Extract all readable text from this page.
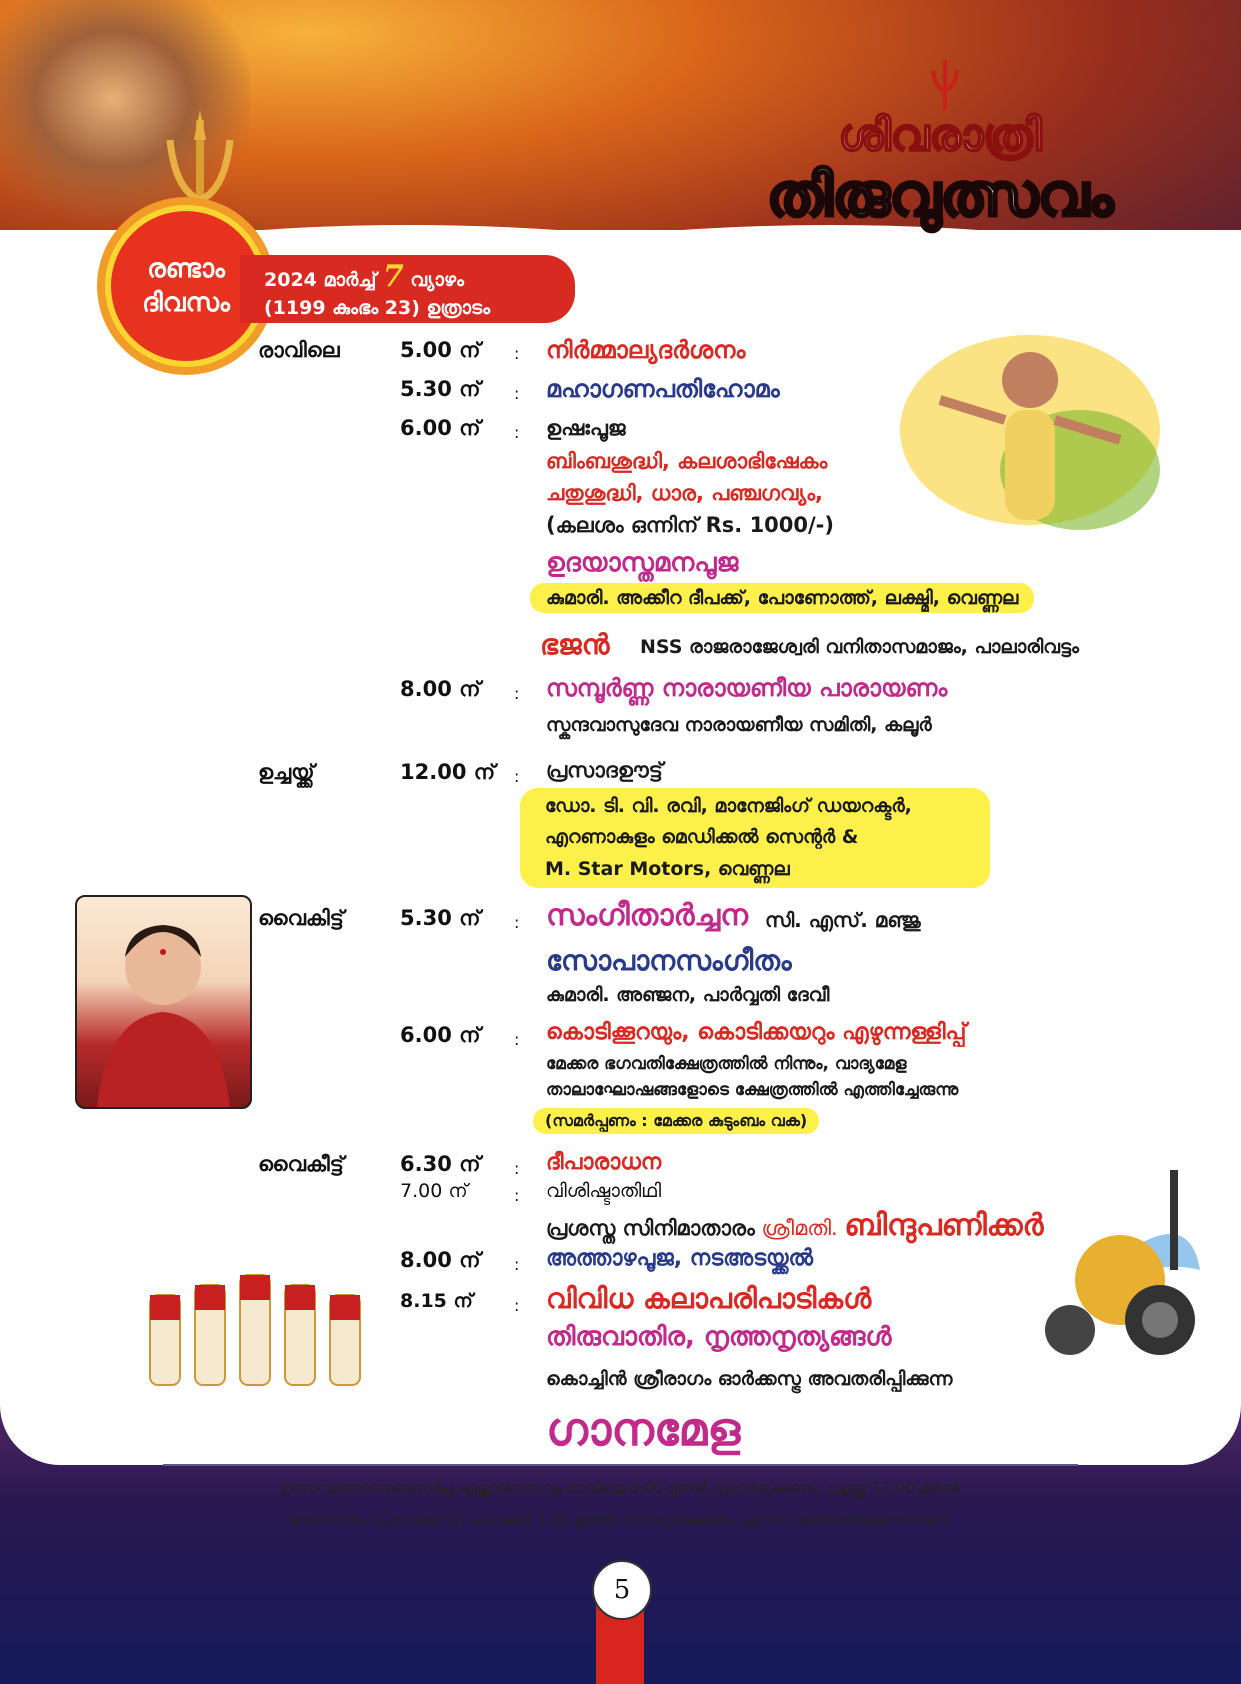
ശിവരാത്രി
തിരുവുത്സവം
രണ്ടാം
ദിവസം
2024 മാർച്ച് 7 വ്യാഴം
(1199 കുംഭം 23) ഉത്രാടം
രാവിലെ	5.00 ന് : നിർമ്മാല്യദർശനം
5.30 ന് : മഹാഗണപതിഹോമം
6.00 ന് : ഉഷഃപൂജ
ബിംബശുദ്ധി, കലശാഭിഷേകം
ചതുശുദ്ധി, ധാര, പഞ്ചഗവ്യം,
(കലശം ഒന്നിന് Rs. 1000/-)
ഉദയാസ്തമനപൂജ
കുമാരി. അക്കീറ ദീപക്ക്, പോണോത്ത്, ലക്ഷ്മി, വെണ്ണല
ഭജൻ NSS രാജരാജേശ്വരി വനിതാസമാജം, പാലാരിവട്ടം
8.00 ന് : സമ്പൂർണ്ണ നാരായണീയ പാരായണം
സ്കന്ദവാസുദേവ നാരായണീയ സമിതി, കലൂർ
ഉച്ചയ്ക്ക്	12.00 ന് : പ്രസാദഊട്ട്
ഡോ. ടി. വി. രവി, മാനേജിംഗ് ഡയറക്ടർ,
എറണാകുളം മെഡിക്കൽ സെന്റർ &
M. Star Motors, വെണ്ണല
വൈകിട്ട്	5.30 ന് : സംഗീതാർച്ചന സി. എസ്. മഞ്ജു
സോപാനസംഗീതം
കുമാരി. അഞ്ജന, പാർവ്വതി ദേവീ
6.00 ന് : കൊടിക്കൂറയും, കൊടിക്കയറും എഴുന്നള്ളിപ്പ്
മേക്കര ഭഗവതിക്ഷേത്രത്തിൽ നിന്നും, വാദ്യമേള
താലാഘോഷങ്ങളോടെ ക്ഷേത്രത്തിൽ എത്തിച്ചേരുന്നു
(സമർപ്പണം : മേക്കര കുടുംബം വക)
വൈകീട്ട്	6.30 ന് : ദീപാരാധന
7.00 ന്	: വിശിഷ്ടാതിഥി
പ്രശസ്ത സിനിമാതാരം ശ്രീമതി. ബിന്ദുപണിക്കർ
8.00 ന് : അത്താഴപൂജ, നടഅടയ്ക്കൽ
8.15 ന്	: വിവിധ കലാപരിപാടികൾ
തിരുവാതിര, നൃത്തനൃത്യങ്ങൾ
കൊച്ചിൻ ശ്രീരാഗം ഓർക്കസ്ട്ര അവതരിപ്പിക്കുന്ന
ഗാനമേള
ഉത്സവത്തോടനുബന്ധിച്ച് എല്ലാദിവസവും രാവിലെ 8.00 മുതൽ പ്രഭാതഭക്ഷണം, ഉച്ചയ്ക്ക് 12.00 മുതൽ
അന്നദാനം (പ്രസാദഊട്ട്) വൈകീട്ട് 7.00 മുതൽ സന്ധ്യാഭക്ഷണം എന്നിവ ഉണ്ടായിരിക്കുന്നതാണ്.
5
